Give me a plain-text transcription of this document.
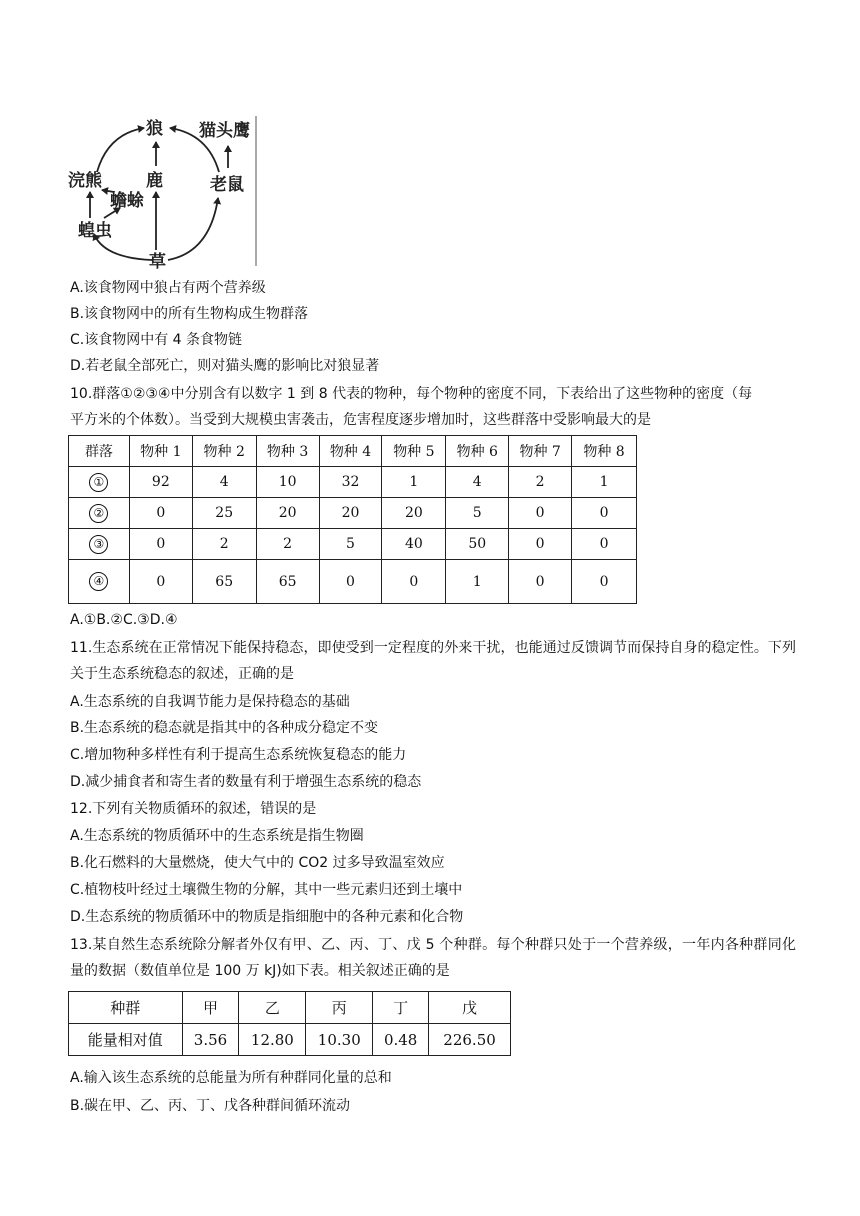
狼 猫头鹰
浣熊	鹿	老鼠
蟾蜍
蝗虫
草
A.该食物网中狼占有两个营养级
B.该食物网中的所有生物构成生物群落
C.该食物网中有 4 条食物链
D.若老鼠全部死亡，则对猫头鹰的影响比对狼显著
10.群落①②③④中分别含有以数字 1 到 8 代表的物种，每个物种的密度不同，下表给出了这些物种的密度（每
平方米的个体数）。当受到大规模虫害袭击，危害程度逐步增加时，这些群落中受影响最大的是
群落	物种 1	物种 2	物种 3	物种 4	物种 5	物种 6	物种 7	物种 8
①	92	4	10	32	1	4	2	1
②	0	25	20	20	20	5	0	0
③	0	2	2	5	40	50	0	0
④	0	65	65	0	0	1	0	0
A.①B.②C.③D.④
11.生态系统在正常情况下能保持稳态，即使受到一定程度的外来干扰，也能通过反馈调节而保持自身的稳定性。下列关于生态系统稳态的叙述，正确的是
A.生态系统的自我调节能力是保持稳态的基础
B.生态系统的稳态就是指其中的各种成分稳定不变
C.增加物种多样性有利于提高生态系统恢复稳态的能力
D.减少捕食者和寄生者的数量有利于增强生态系统的稳态
12.下列有关物质循环的叙述，错误的是
A.生态系统的物质循环中的生态系统是指生物圈
B.化石燃料的大量燃烧，使大气中的 CO2 过多导致温室效应
C.植物枝叶经过土壤微生物的分解，其中一些元素归还到土壤中
D.生态系统的物质循环中的物质是指细胞中的各种元素和化合物
13.某自然生态系统除分解者外仅有甲、乙、丙、丁、戊 5 个种群。每个种群只处于一个营养级，一年内各种群同化量的数据（数值单位是 100 万 kJ)如下表。相关叙述正确的是
种群	甲	乙	丙	丁	戊
能量相对值	3.56	12.80	10.30	0.48	226.50
A.输入该生态系统的总能量为所有种群同化量的总和
B.碳在甲、乙、丙、丁、戊各种群间循环流动
